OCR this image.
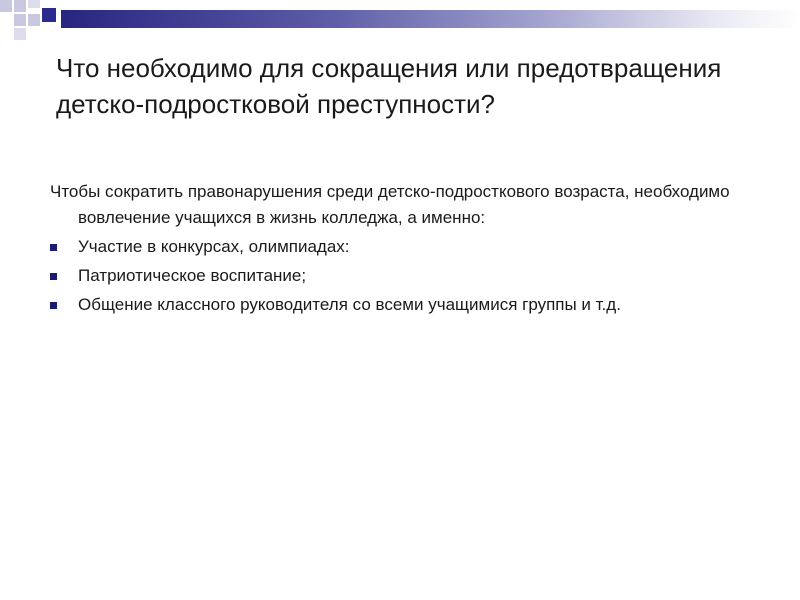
Что необходимо для сокращения или предотвращения детско-подростковой преступности?

Чтобы сократить правонарушения среди детско-подросткового возраста, необходимо вовлечение учащихся в жизнь колледжа, а именно:

Участие в конкурсах, олимпиадах:
Патриотическое воспитание;
Общение классного руководителя со всеми учащимися группы и т.д.
